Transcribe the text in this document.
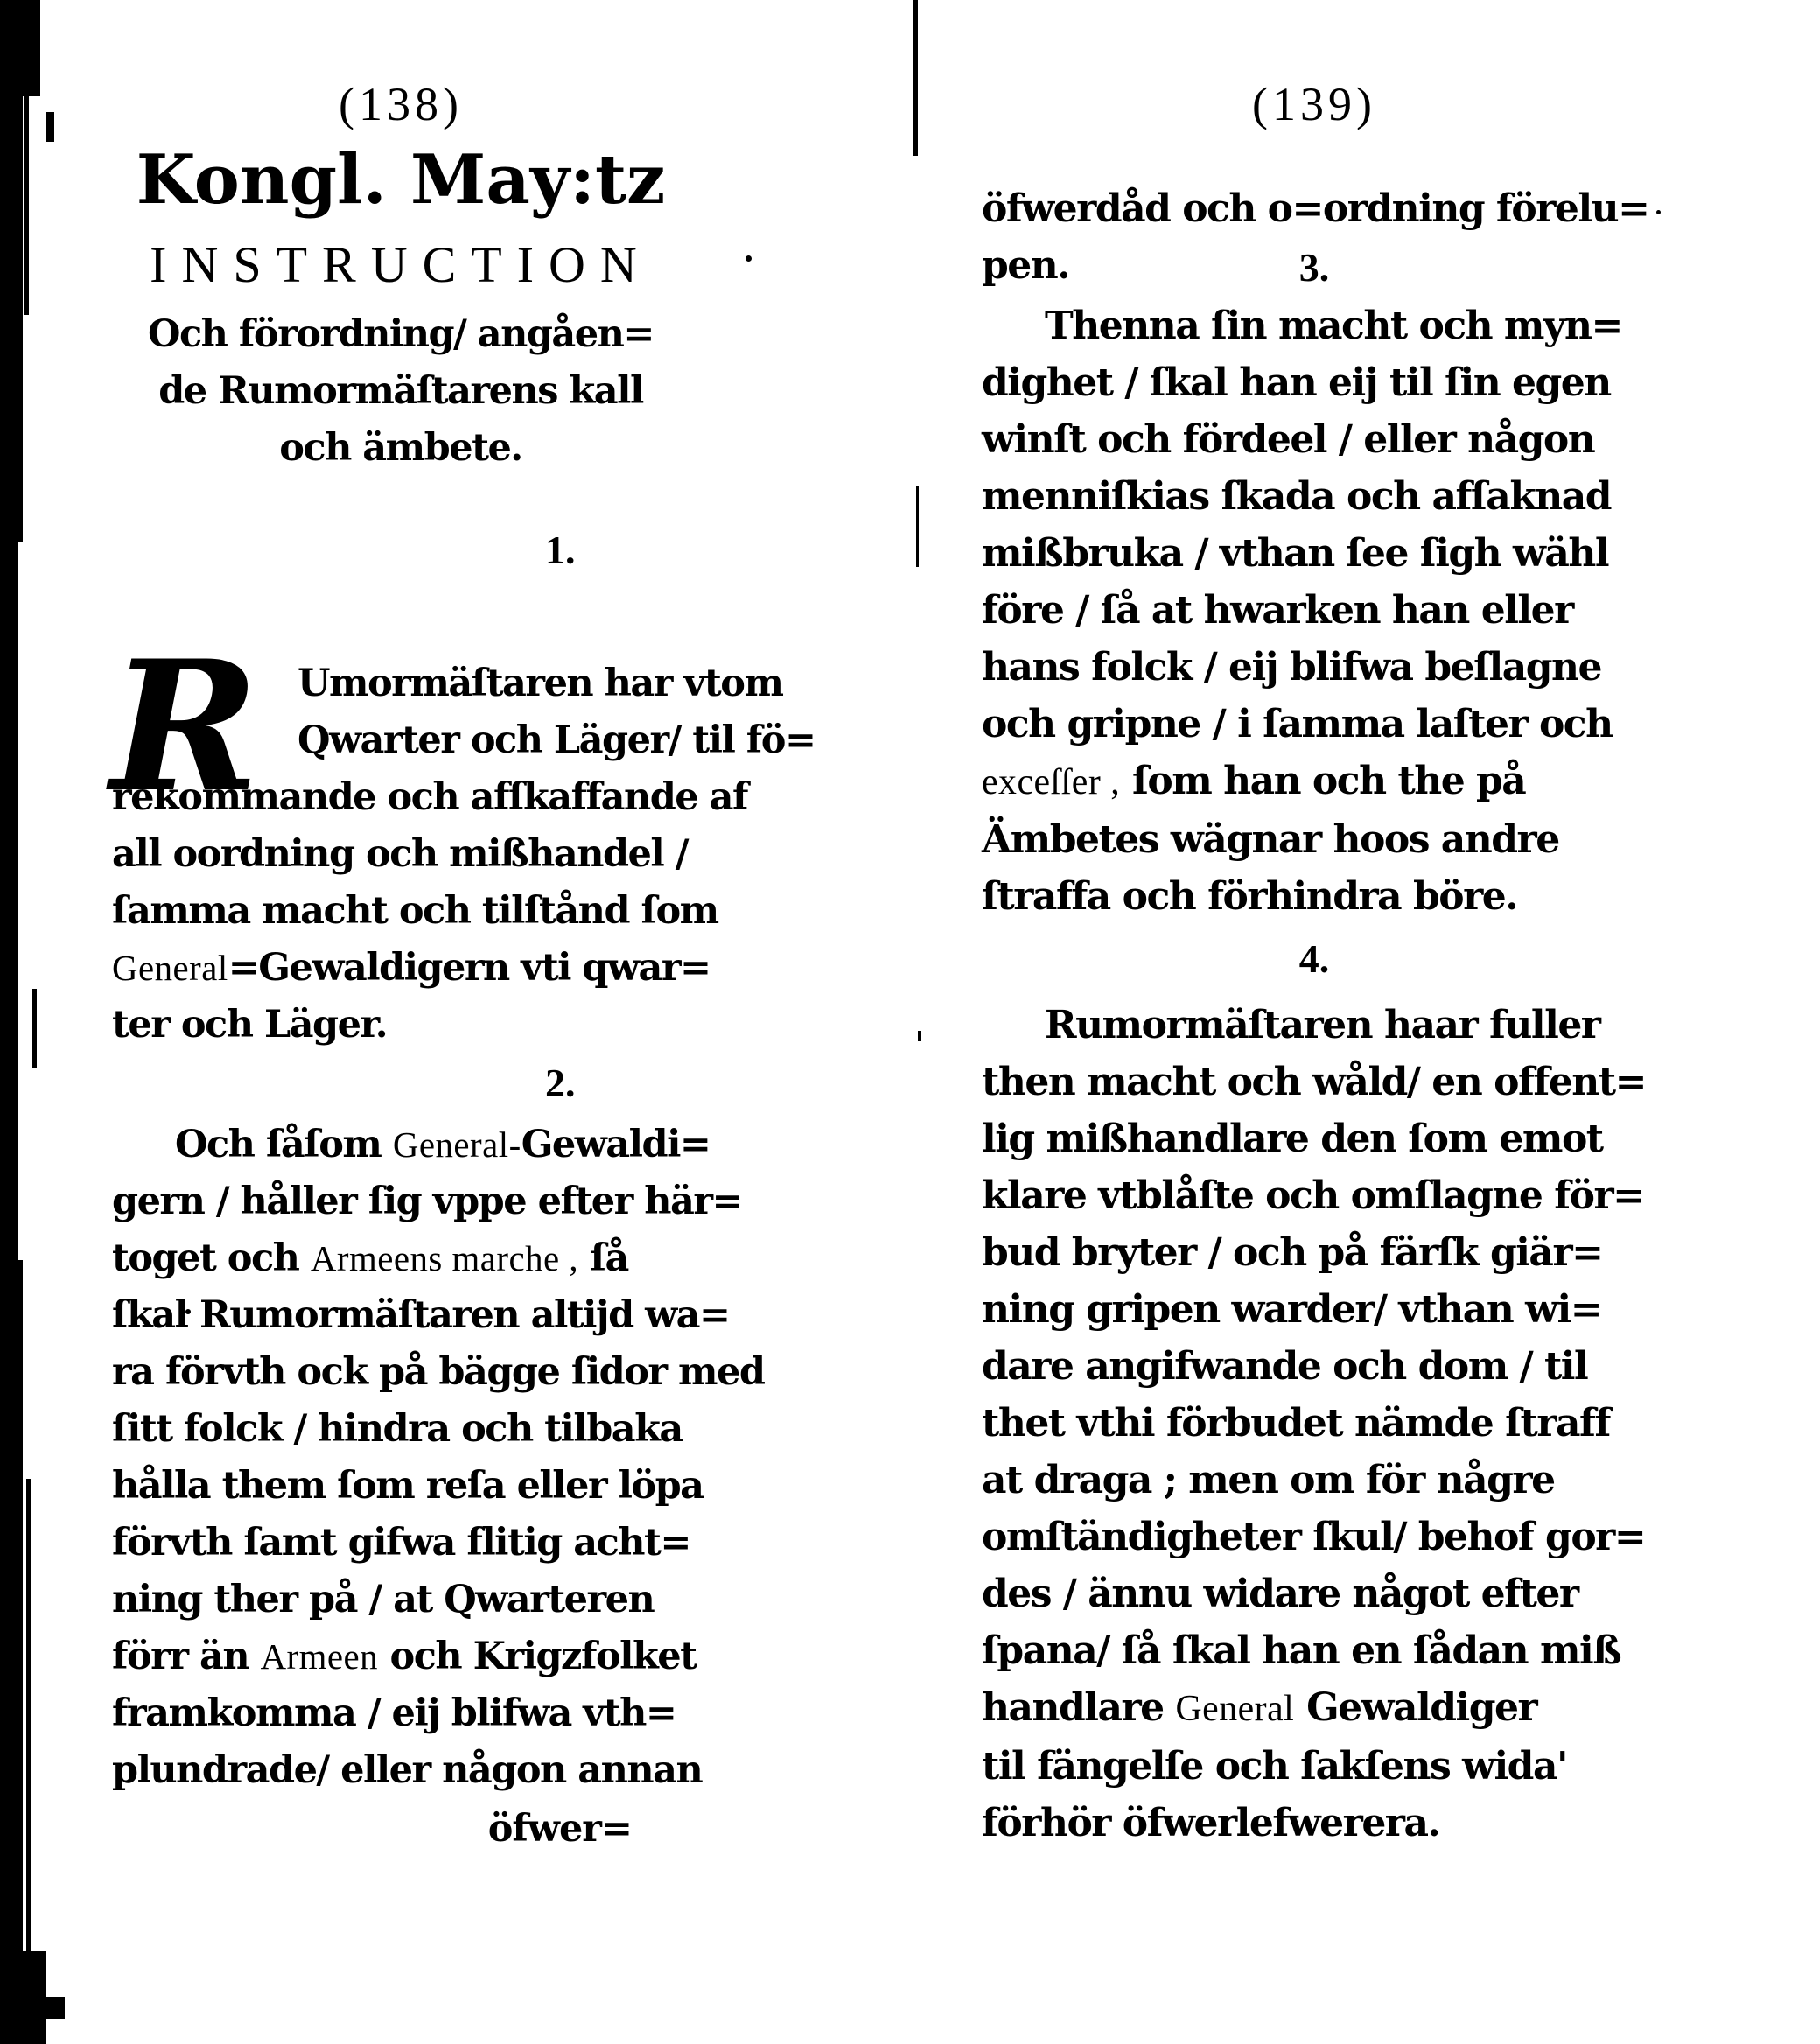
(138)
Kongl. May:tz
INSTRUCTION
Och förordning/ angåen=
de Rumormäſtarens kall
och ämbete.
1.
R	Umormäſtaren har vtom
Qwarter och Läger/ til fö=
rekommande och afſkaffande af
all oordning och mißhandel /
ſamma macht och tilſtånd ſom
General=Gewaldigern vti qwar=
ter och Läger.
2.
Och ſåſom General-Gewaldi=
gern / håller ſig vppe efter här=
toget och Armeens marche , ſå
ſkal Rumormäſtaren altijd wa=
ra förvth ock på bägge ſidor med
ſitt folck / hindra och tilbaka
hålla them ſom reſa eller löpa
förvth ſamt gifwa flitig acht=
ning ther på / at Qwarteren
förr än Armeen och Krigzfolket
framkomma / eij blifwa vth=
plundrade/ eller någon annan
öfwer=
(139)
öfwerdåd och o=ordning förelu=
pen.	3.
Thenna ſin macht och myn=
dighet / ſkal han eij til ſin egen
winſt och fördeel / eller någon
menniſkias ſkada och afſaknad
mißbruka / vthan ſee ſigh wähl
före / ſå at hwarken han eller
hans folck / eij blifwa beſlagne
och gripne / i ſamma laſter och
exceſſer , ſom han och the på
Ämbetes wägnar hoos andre
ſtraffa och förhindra böre.
4.
Rumormäſtaren haar fuller
then macht och wåld/ en offent=
lig mißhandlare den ſom emot
klare vtblåſte och omſlagne för=
bud bryter / och på färſk giär=
ning gripen warder/ vthan wi=
dare angifwande och dom / til
thet vthi förbudet nämde ſtraff
at draga ; men om för någre
omſtändigheter ſkul/ behof gor=
des / ännu widare något efter
ſpana/ ſå ſkal han en ſådan miß
handlare General Gewaldiger
til fängelſe och ſakſens wida'
förhör öfwerlefwerera.
